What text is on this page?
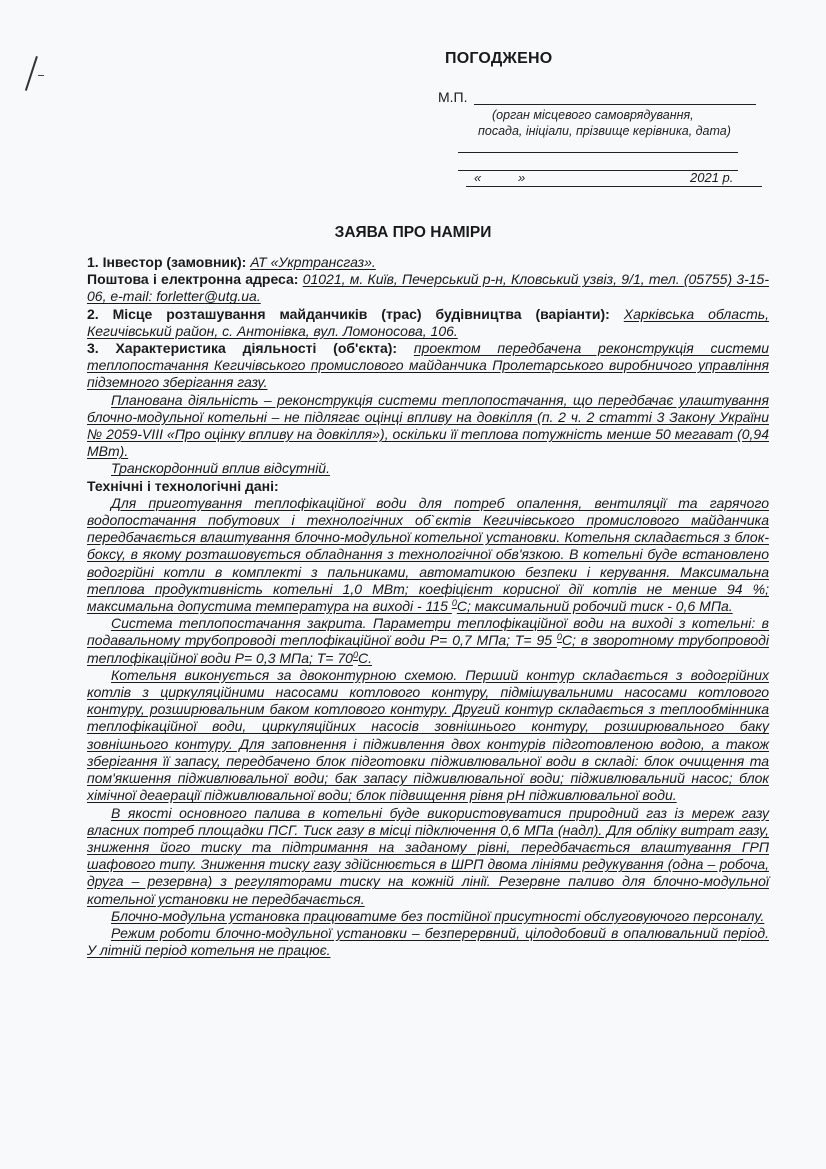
ПОГОДЖЕНО
М.П.
(орган місцевого самоврядування,
посада, ініціали, прізвище керівника, дата)
«	»	2021 р.
ЗАЯВА ПРО НАМІРИ

1. Інвестор (замовник): АТ «Укртрансгаз».

Поштова і електронна адреса: 01021, м. Київ, Печерський р-н, Кловський узвіз, 9/1, тел. (05755) 3-15-06, e-mail: forletter@utg.ua.

2. Місце розташування майданчиків (трас) будівництва (варіанти): Харківська область, Кегичівський район, с. Антонівка, вул. Ломоносова, 106.

3. Характеристика діяльності (об'єкта): проектом передбачена реконструкція системи теплопостачання Кегичівського промислового майданчика Пролетарського виробничого управління підземного зберігання газу.

Планована діяльність – реконструкція системи теплопостачання, що передбачає улаштування блочно-модульної котельні – не підлягає оцінці впливу на довкілля (п. 2 ч. 2 статті 3 Закону України № 2059-VIII «Про оцінку впливу на довкілля»), оскільки її теплова потужність менше 50 мегават (0,94 МВт).

Транскордонний вплив відсутній.

Технічні і технологічні дані:

Для приготування теплофікаційної води для потреб опалення, вентиляції та гарячого водопостачання побутових і технологічних об`єктів Кегичівського промислового майданчика передбачається влаштування блочно-модульної котельної установки. Котельня складається з блок-боксу, в якому розташовується обладнання з технологічної обв'язкою. В котельні буде встановлено водогрійні котли в комплекті з пальниками, автоматикою безпеки і керування. Максимальна теплова продуктивність котельні 1,0 МВт; коефіцієнт корисної дії котлів не менше 94 %; максимальна допустима температура на виході - 115 $^0$С; максимальний робочий тиск - 0,6 МПа.

Система теплопостачання закрита. Параметри теплофікаційної води на виході з котельні: в подавальному трубопроводі теплофікаційної води P= 0,7 МПа; T= 95 $^0$С; в зворотному трубопроводі теплофікаційної води P= 0,3 МПа; $T= 70^0С$.

Котельня виконується за двоконтурною схемою. Перший контур складається з водогрійних котлів з циркуляційними насосами котлового контуру, підмішувальними насосами котлового контуру, розширювальним баком котлового контуру. Другий контур складається з теплообмінника теплофікаційної води, циркуляційних насосів зовнішнього контуру, розширювального баку зовнішнього контуру. Для заповнення і підживлення двох контурів підготовленою водою, а також зберігання її запасу, передбачено блок підготовки підживлювальної води в складі: блок очищення та пом'якшення підживлювальної води; бак запасу підживлювальної води; підживлювальний насос; блок хімічної деаерації підживлювальної води; блок підвищення рівня рН підживлювальної води.

В якості основного палива в котельні буде використовуватися природний газ із мереж газу власних потреб площадки ПСГ. Тиск газу в місці підключення 0,6 МПа (надл). Для обліку витрат газу, зниження його тиску та підтримання на заданому рівні, передбачається влаштування ГРП шафового типу. Зниження тиску газу здійснюється в ШРП двома лініями редукування (одна – робоча, друга – резервна) з регуляторами тиску на кожній лінії. Резервне паливо для блочно-модульної котельної установки не передбачається.

Блочно-модульна установка працюватиме без постійної присутності обслуговуючого персоналу.

Режим роботи блочно-модульної установки – безперервний, цілодобовий в опалювальний період. У літній період котельня не працює.
